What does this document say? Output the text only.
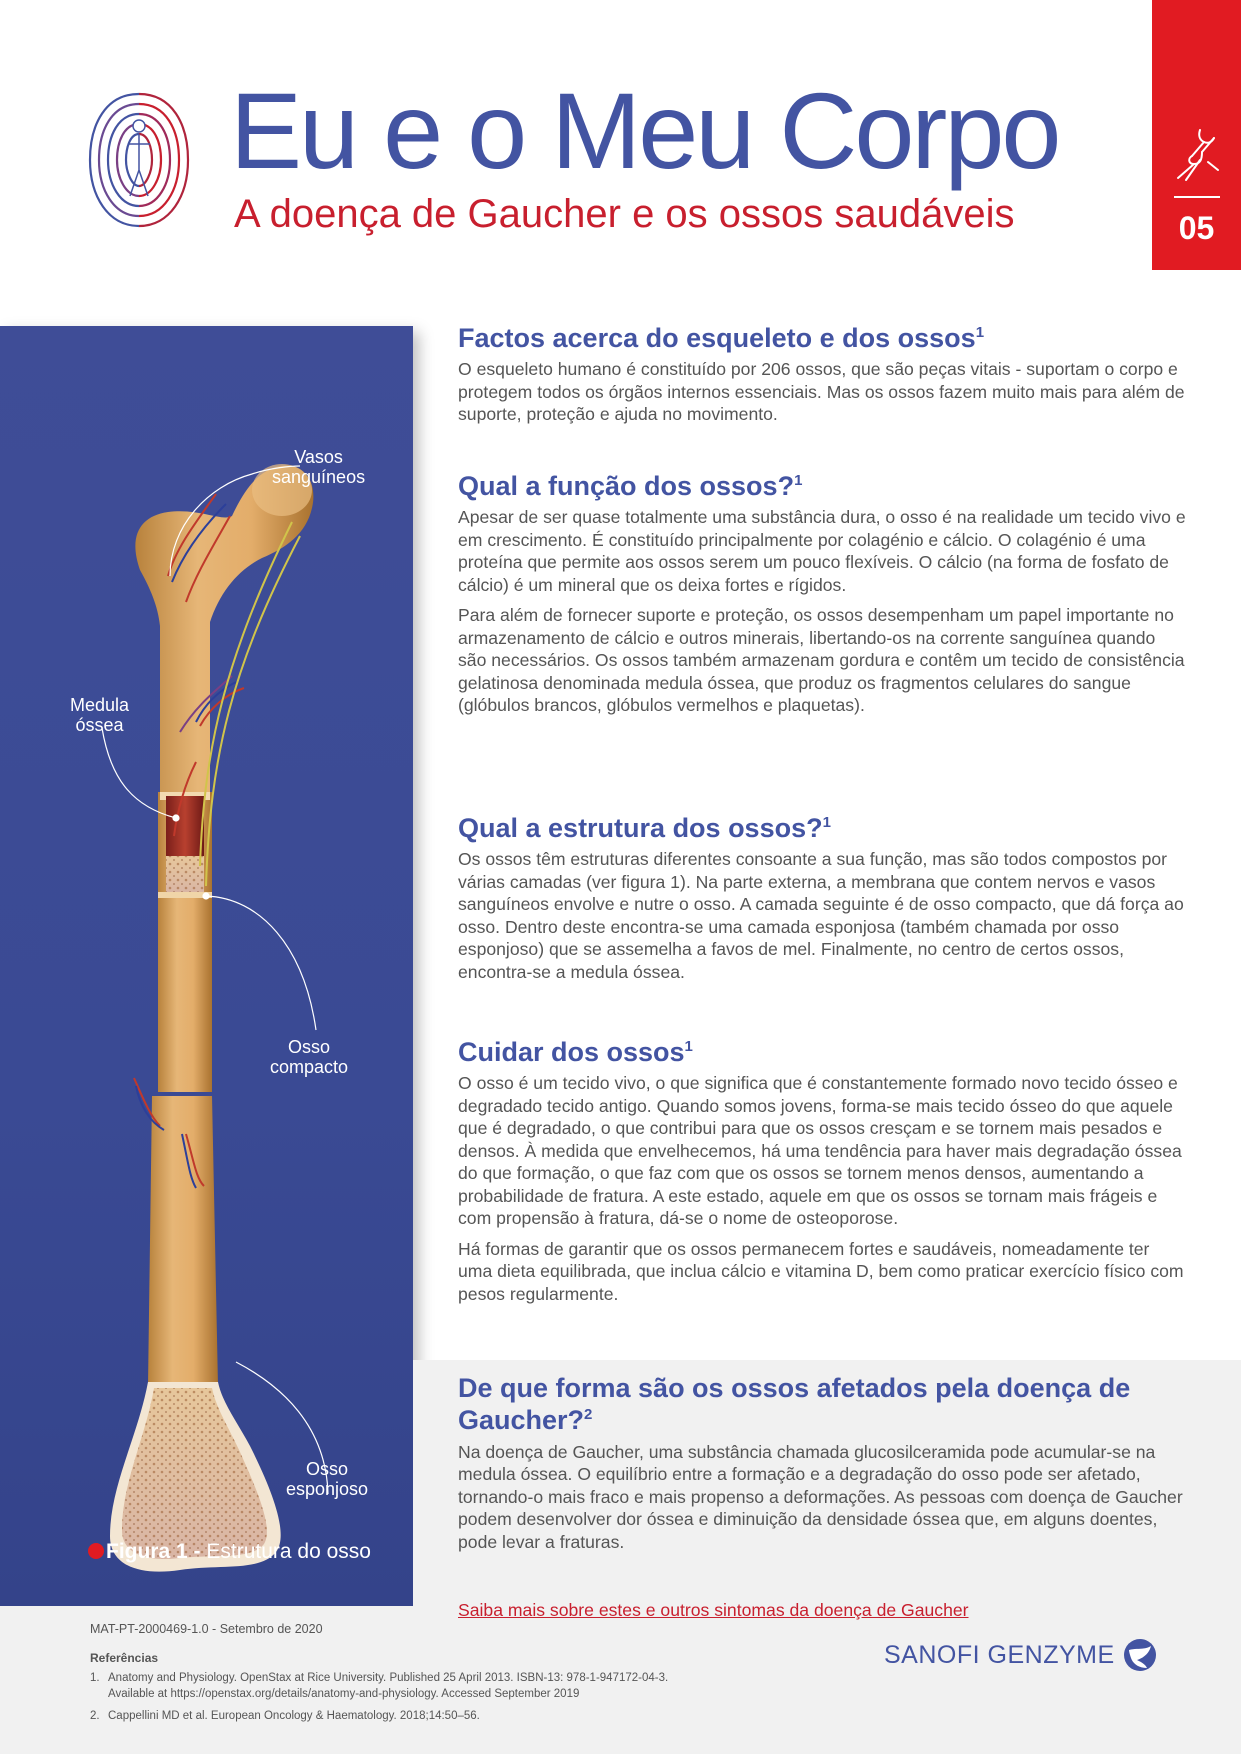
Eu e o Meu Corpo
A doença de Gaucher e os ossos saudáveis	05
Vasos
sanguíneos
Medula
óssea
Osso
compacto
Osso
esponjoso
Figura 1 - Estrutura do osso
Factos acerca do esqueleto e dos ossos$^1$

O esqueleto humano é constituído por 206 ossos, que são peças vitais - suportam o corpo e protegem todos os órgãos internos essenciais. Mas os ossos fazem muito mais para além de suporte, proteção e ajuda no movimento.

Qual a função dos ossos?$^1$

Apesar de ser quase totalmente uma substância dura, o osso é na realidade um tecido vivo e em crescimento. É constituído principalmente por colagénio e cálcio. O colagénio é uma proteína que permite aos ossos serem um pouco flexíveis. O cálcio (na forma de fosfato de cálcio) é um mineral que os deixa fortes e rígidos.

Para além de fornecer suporte e proteção, os ossos desempenham um papel importante no armazenamento de cálcio e outros minerais, libertando-os na corrente sanguínea quando são necessários. Os ossos também armazenam gordura e contêm um tecido de consistência gelatinosa denominada medula óssea, que produz os fragmentos celulares do sangue (glóbulos brancos, glóbulos vermelhos e plaquetas).

Qual a estrutura dos ossos?$^1$

Os ossos têm estruturas diferentes consoante a sua função, mas são todos compostos por várias camadas (ver figura 1). Na parte externa, a membrana que contem nervos e vasos sanguíneos envolve e nutre o osso. A camada seguinte é de osso compacto, que dá força ao osso. Dentro deste encontra-se uma camada esponjosa (também chamada por osso esponjoso) que se assemelha a favos de mel. Finalmente, no centro de certos ossos, encontra-se a medula óssea.

Cuidar dos ossos$^1$

O osso é um tecido vivo, o que significa que é constantemente formado novo tecido ósseo e degradado tecido antigo. Quando somos jovens, forma-se mais tecido ósseo do que aquele que é degradado, o que contribui para que os ossos cresçam e se tornem mais pesados e densos. À medida que envelhecemos, há uma tendência para haver mais degradação óssea do que formação, o que faz com que os ossos se tornem menos densos, aumentando a probabilidade de fratura. A este estado, aquele em que os ossos se tornam mais frágeis e com propensão à fratura, dá-se o nome de osteoporose.

Há formas de garantir que os ossos permanecem fortes e saudáveis, nomeadamente ter uma dieta equilibrada, que inclua cálcio e vitamina D, bem como praticar exercício físico com pesos regularmente.

De que forma são os ossos afetados pela doença de Gaucher?$^2$

Na doença de Gaucher, uma substância chamada glucosilceramida pode acumular-se na medula óssea. O equilíbrio entre a formação e a degradação do osso pode ser afetado, tornando-o mais fraco e mais propenso a deformações. As pessoas com doença de Gaucher podem desenvolver dor óssea e diminuição da densidade óssea que, em alguns doentes, pode levar a fraturas.

Saiba mais sobre estes e outros sintomas da doença de Gaucher
MAT-PT-2000469-1.0 - Setembro de 2020
Referências
1. Anatomy and Physiology. OpenStax at Rice University. Published 25 April 2013. ISBN-13: 978-1-947172-04-3.
Available at https://openstax.org/details/anatomy-and-physiology. Accessed September 2019
2. Cappellini MD et al. European Oncology & Haematology. 2018;14:50–56.
SANOFI GENZYME
